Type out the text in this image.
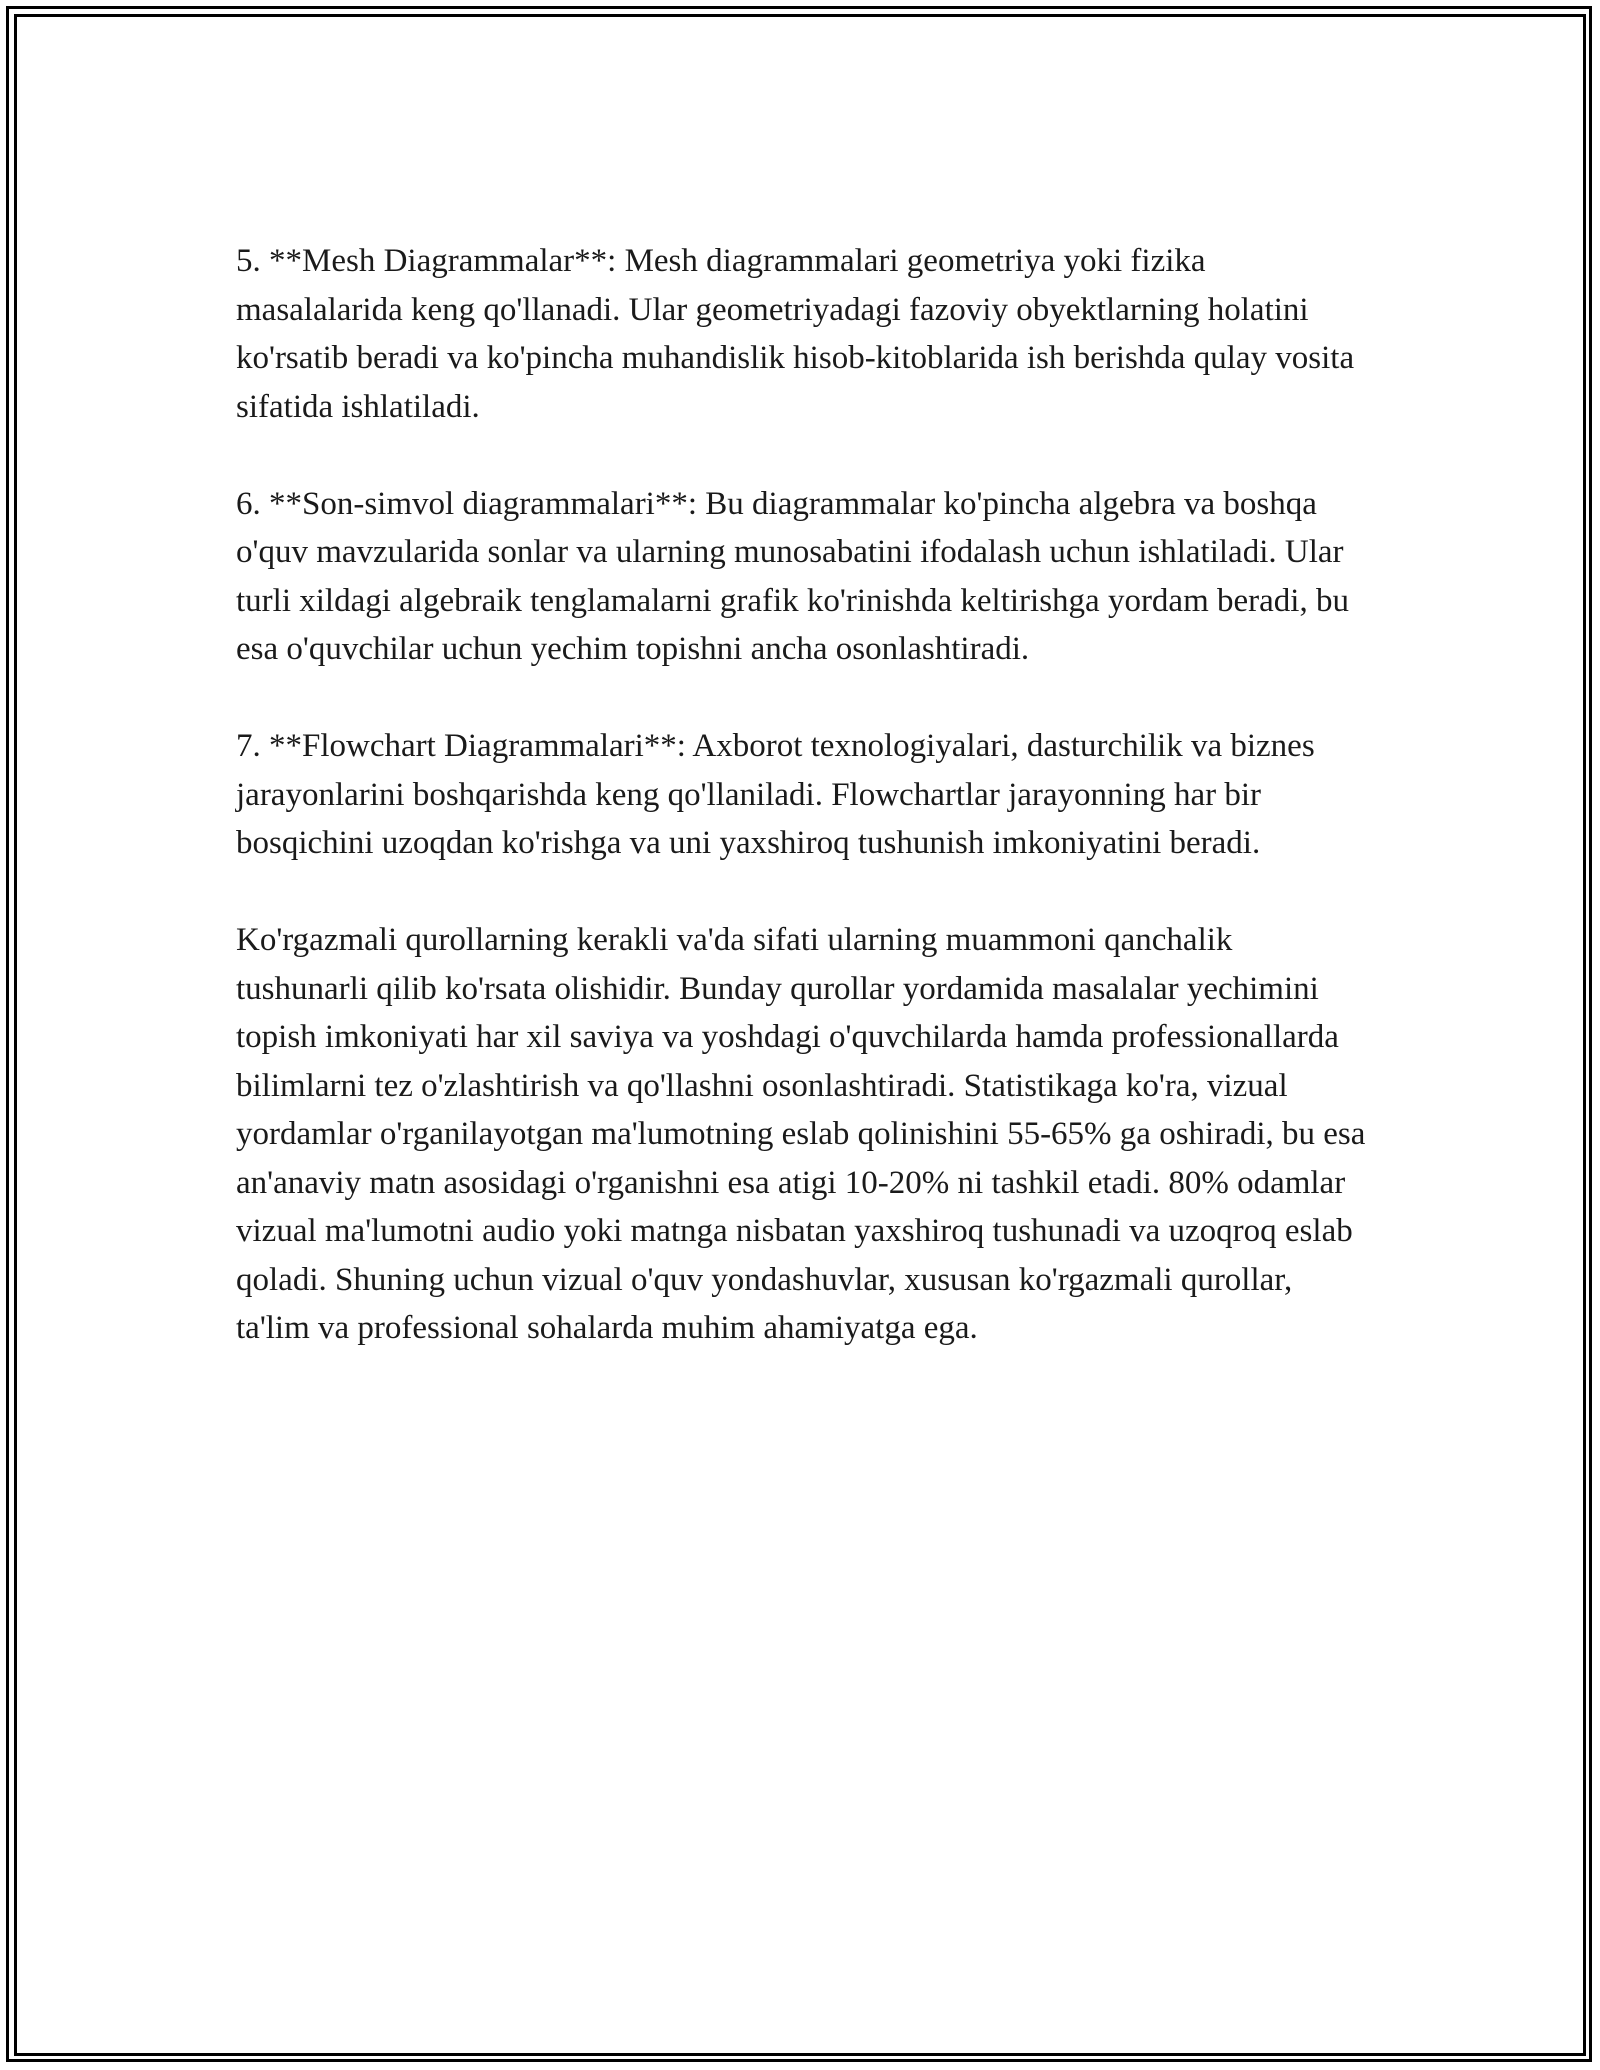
5. **Mesh Diagrammalar**: Mesh diagrammalari geometriya yoki fizika masalalarida keng qo'llanadi. Ular geometriyadagi fazoviy obyektlarning holatini ko'rsatib beradi va ko'pincha muhandislik hisob-kitoblarida ish berishda qulay vosita sifatida ishlatiladi.

6. **Son-simvol diagrammalari**: Bu diagrammalar ko'pincha algebra va boshqa o'quv mavzularida sonlar va ularning munosabatini ifodalash uchun ishlatiladi. Ular turli xildagi algebraik tenglamalarni grafik ko'rinishda keltirishga yordam beradi, bu esa o'quvchilar uchun yechim topishni ancha osonlashtiradi.

7. **Flowchart Diagrammalari**: Axborot texnologiyalari, dasturchilik va biznes jarayonlarini boshqarishda keng qo'llaniladi. Flowchartlar jarayonning har bir bosqichini uzoqdan ko'rishga va uni yaxshiroq tushunish imkoniyatini beradi.

Ko'rgazmali qurollarning kerakli va'da sifati ularning muammoni qanchalik tushunarli qilib ko'rsata olishidir. Bunday qurollar yordamida masalalar yechimini topish imkoniyati har xil saviya va yoshdagi o'quvchilarda hamda professionallarda bilimlarni tez o'zlashtirish va qo'llashni osonlashtiradi. Statistikaga ko'ra, vizual yordamlar o'rganilayotgan ma'lumotning eslab qolinishini 55-65% ga oshiradi, bu esa an'anaviy matn asosidagi o'rganishni esa atigi 10-20% ni tashkil etadi. 80% odamlar vizual ma'lumotni audio yoki matnga nisbatan yaxshiroq tushunadi va uzoqroq eslab qoladi. Shuning uchun vizual o'quv yondashuvlar, xususan ko'rgazmali qurollar, ta'lim va professional sohalarda muhim ahamiyatga ega.
